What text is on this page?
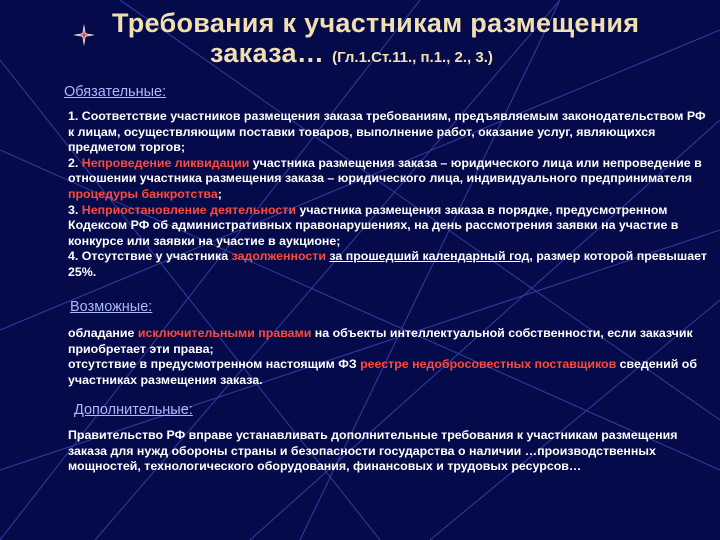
Требования к участникам размещения
заказа… (Гл.1.Ст.11., п.1., 2., 3.)
Обязательные:

1. Соответствие участников размещения заказа требованиям, предъявляемым законодательством РФ к лицам, осуществляющим поставки товаров, выполнение работ, оказание услуг, являющихся предметом торгов;

2. Непроведение ликвидации участника размещения заказа – юридического лица или непроведение в отношении участника размещения заказа – юридического лица, индивидуального предпринимателя процедуры банкротства;

3. Неприостановление деятельности участника размещения заказа в порядке, предусмотренном Кодексом РФ об административных правонарушениях, на день рассмотрения заявки на участие в конкурсе или заявки на участие в аукционе;

4. Отсутствие у участника задолженности за прошедший календарный год, размер которой превышает 25%.

Возможные:

обладание исключительными правами на объекты интеллектуальной собственности, если заказчик приобретает эти права;

отсутствие в предусмотренном настоящим ФЗ реестре недобросовестных поставщиков сведений об участниках размещения заказа.

Дополнительные:
Правительство РФ вправе устанавливать дополнительные требования к участникам размещения заказа для нужд обороны страны и безопасности государства о наличии …производственных мощностей, технологического оборудования, финансовых и трудовых ресурсов…
